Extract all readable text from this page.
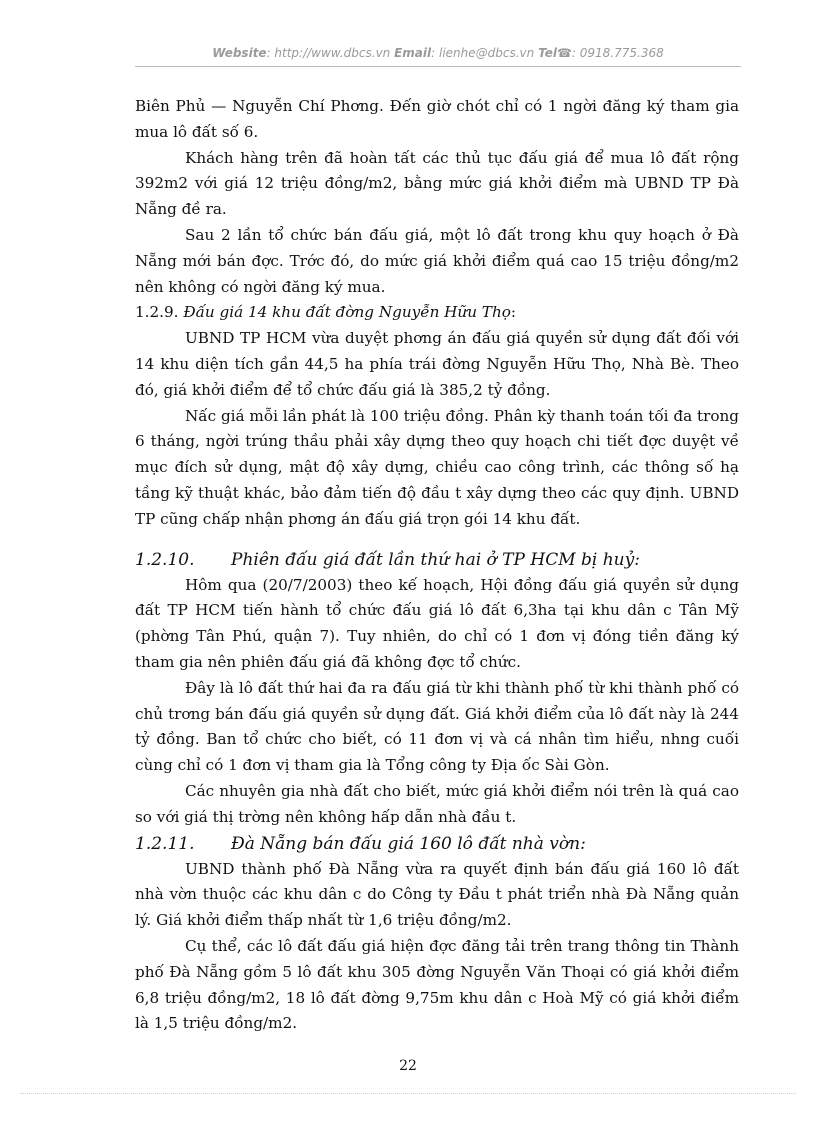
Website: http://www.dbcs.vn Email: lienhe@dbcs.vn Tel☎: 0918.775.368

Biên Phủ — Nguyễn Chí Phơng. Đến giờ chót chỉ có 1 ngời đăng ký tham gia mua lô đất số 6.

Khách hàng trên đã hoàn tất các thủ tục đấu giá để mua lô đất rộng 392m2 với giá 12 triệu đồng/m2, bằng mức giá khởi điểm mà UBND TP Đà Nẵng đề ra.

Sau 2 lần tổ chức bán đấu giá, một lô đất trong khu quy hoạch ở Đà Nẵng mới bán đợc. Trớc đó, do mức giá khởi điểm quá cao 15 triệu đồng/m2 nên không có ngời đăng ký mua.

1.2.9. Đấu giá 14 khu đất đờng Nguyễn Hữu Thọ:

UBND TP HCM vừa duyệt phơng án đấu giá quyền sử dụng đất đối với 14 khu diện tích gần 44,5 ha phía trái đờng Nguyễn Hữu Thọ, Nhà Bè. Theo đó, giá khởi điểm để tổ chức đấu giá là 385,2 tỷ đồng.

Nấc giá mỗi lần phát là 100 triệu đồng. Phân kỳ thanh toán tối đa trong 6 tháng, ngời trúng thầu phải xây dựng theo quy hoạch chi tiết đợc duyệt về mục đích sử dụng, mật độ xây dựng, chiều cao công trình, các thông số hạ tầng kỹ thuật khác, bảo đảm tiến độ đầu t xây dựng theo các quy định. UBND TP cũng chấp nhận phơng án đấu giá trọn gói 14 khu đất.

1.2.10. Phiên đấu giá đất lần thứ hai ở TP HCM bị huỷ:

Hôm qua (20/7/2003) theo kế hoạch, Hội đồng đấu giá quyền sử dụng đất TP HCM tiến hành tổ chức đấu giá lô đất 6,3ha tại khu dân c Tân Mỹ (phờng Tân Phú, quận 7). Tuy nhiên, do chỉ có 1 đơn vị đóng tiền đăng ký tham gia nên phiên đấu giá đã không đợc tổ chức.

Đây là lô đất thứ hai đa ra đấu giá từ khi thành phố từ khi thành phố có chủ trơng bán đấu giá quyền sử dụng đất. Giá khởi điểm của lô đất này là 244 tỷ đồng. Ban tổ chức cho biết, có 11 đơn vị và cá nhân tìm hiểu, nhng cuối cùng chỉ có 1 đơn vị tham gia là Tổng công ty Địa ốc Sài Gòn.

Các nhuyên gia nhà đất cho biết, mức giá khởi điểm nói trên là quá cao so với giá thị trờng nên không hấp dẫn nhà đầu t.

1.2.11. Đà Nẵng bán đấu giá 160 lô đất nhà vờn:

UBND thành phố Đà Nẵng vừa ra quyết định bán đấu giá 160 lô đất nhà vờn thuộc các khu dân c do Công ty Đầu t phát triển nhà Đà Nẵng quản lý. Giá khởi điểm thấp nhất từ 1,6 triệu đồng/m2.

Cụ thể, các lô đất đấu giá hiện đợc đăng tải trên trang thông tin Thành phố Đà Nẵng gồm 5 lô đất khu 305 đờng Nguyễn Văn Thoại có giá khởi điểm 6,8 triệu đồng/m2, 18 lô đất đờng 9,75m khu dân c Hoà Mỹ có giá khởi điểm là 1,5 triệu đồng/m2.

22
